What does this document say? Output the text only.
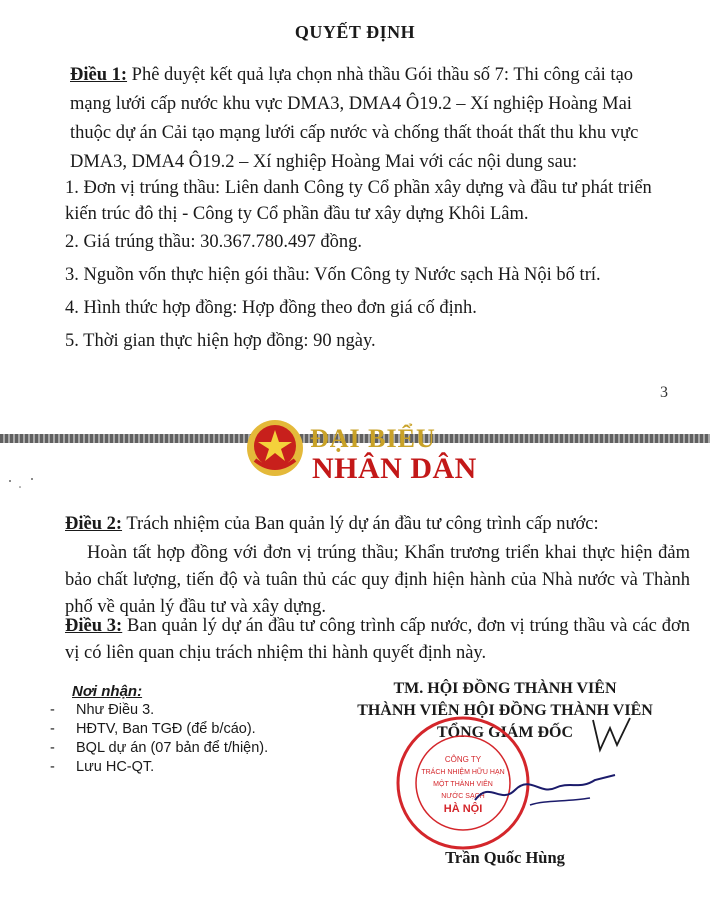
QUYẾT ĐỊNH
Điều 1: Phê duyệt kết quả lựa chọn nhà thầu Gói thầu số 7: Thi công cải tạo mạng lưới cấp nước khu vực DMA3, DMA4 Ô19.2 – Xí nghiệp Hoàng Mai thuộc dự án Cải tạo mạng lưới cấp nước và chống thất thoát thất thu khu vực DMA3, DMA4 Ô19.2 – Xí nghiệp Hoàng Mai với các nội dung sau:
1. Đơn vị trúng thầu: Liên danh Công ty Cổ phần xây dựng và đầu tư phát triển kiến trúc đô thị - Công ty Cổ phần đầu tư xây dựng Khôi Lâm.
2. Giá trúng thầu: 30.367.780.497 đồng.
3. Nguồn vốn thực hiện gói thầu: Vốn Công ty Nước sạch Hà Nội bố trí.
4. Hình thức hợp đồng: Hợp đồng theo đơn giá cố định.
5. Thời gian thực hiện hợp đồng: 90 ngày.
3
ĐẠI BIỂU
NHÂN DÂN
Điều 2: Trách nhiệm của Ban quản lý dự án đầu tư công trình cấp nước:
Hoàn tất hợp đồng với đơn vị trúng thầu; Khẩn trương triển khai thực hiện đảm bảo chất lượng, tiến độ và tuân thủ các quy định hiện hành của Nhà nước và Thành phố về quản lý đầu tư và xây dựng.
Điều 3: Ban quản lý dự án đầu tư công trình cấp nước, đơn vị trúng thầu và các đơn vị có liên quan chịu trách nhiệm thi hành quyết định này.
Nơi nhận:
- Như Điều 3.
- HĐTV, Ban TGĐ (để b/cáo).
- BQL dự án (07 bản để t/hiện).
- Lưu HC-QT.
TM. HỘI ĐỒNG THÀNH VIÊN
THÀNH VIÊN HỘI ĐỒNG THÀNH VIÊN
TỔNG GIÁM ĐỐC
CÔNG TY
TRÁCH NHIỆM HỮU HẠN
MỘT THÀNH VIÊN
NƯỚC SẠCH
HÀ NỘI
Trần Quốc Hùng
